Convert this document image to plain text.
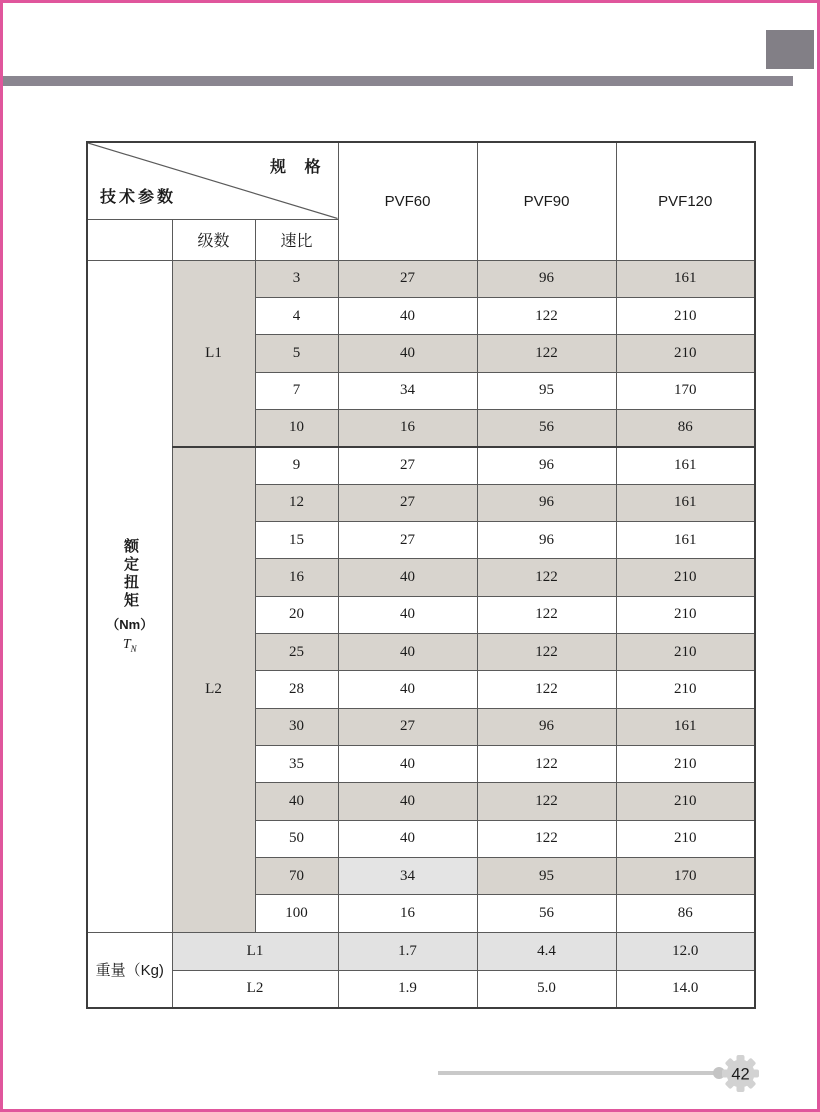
技术参数
规 格			PVF60	PVF90	PVF120
	级数	速比			

额定扭矩
（Nm）
$T_N$	L1	3	27	96	161
		4	40	122	210
		5	40	122	210
		7	34	95	170
		10	16	56	86
	L2	9	27	96	161
		12	27	96	161
		15	27	96	161
		16	40	122	210
		20	40	122	210
		25	40	122	210
		28	40	122	210
		30	27	96	161
		35	40	122	210
		40	40	122	210
		50	40	122	210
		70	34	95	170
		100	16	56	86
重量（Kg)	L1		1.7	4.4	12.0
	L2		1.9	5.0	14.0
42
